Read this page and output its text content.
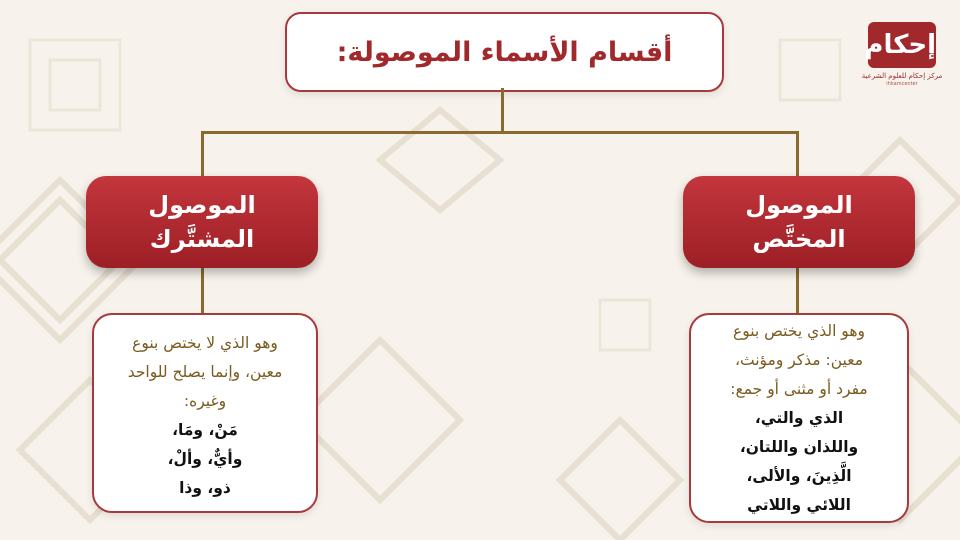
أقسام الأسماء الموصولة:	إحكام
مركز إحكام للعلوم الشرعية
ihkamcenter
الموصول
المشتَّرك
الموصول
المختَّص
وهو الذي لا يختص بنوع
معين، وإنما يصلح للواحد
وغيره:
مَنْ، ومَا،
وأيٌّ، وألْ،
ذو، وذا
وهو الذي يختص بنوع
معين: مذكر ومؤنث،
مفرد أو مثنى أو جمع:
الذي والتي،
واللذان واللتان،
الَّذِينَ، والألى،
اللائي واللاتي
